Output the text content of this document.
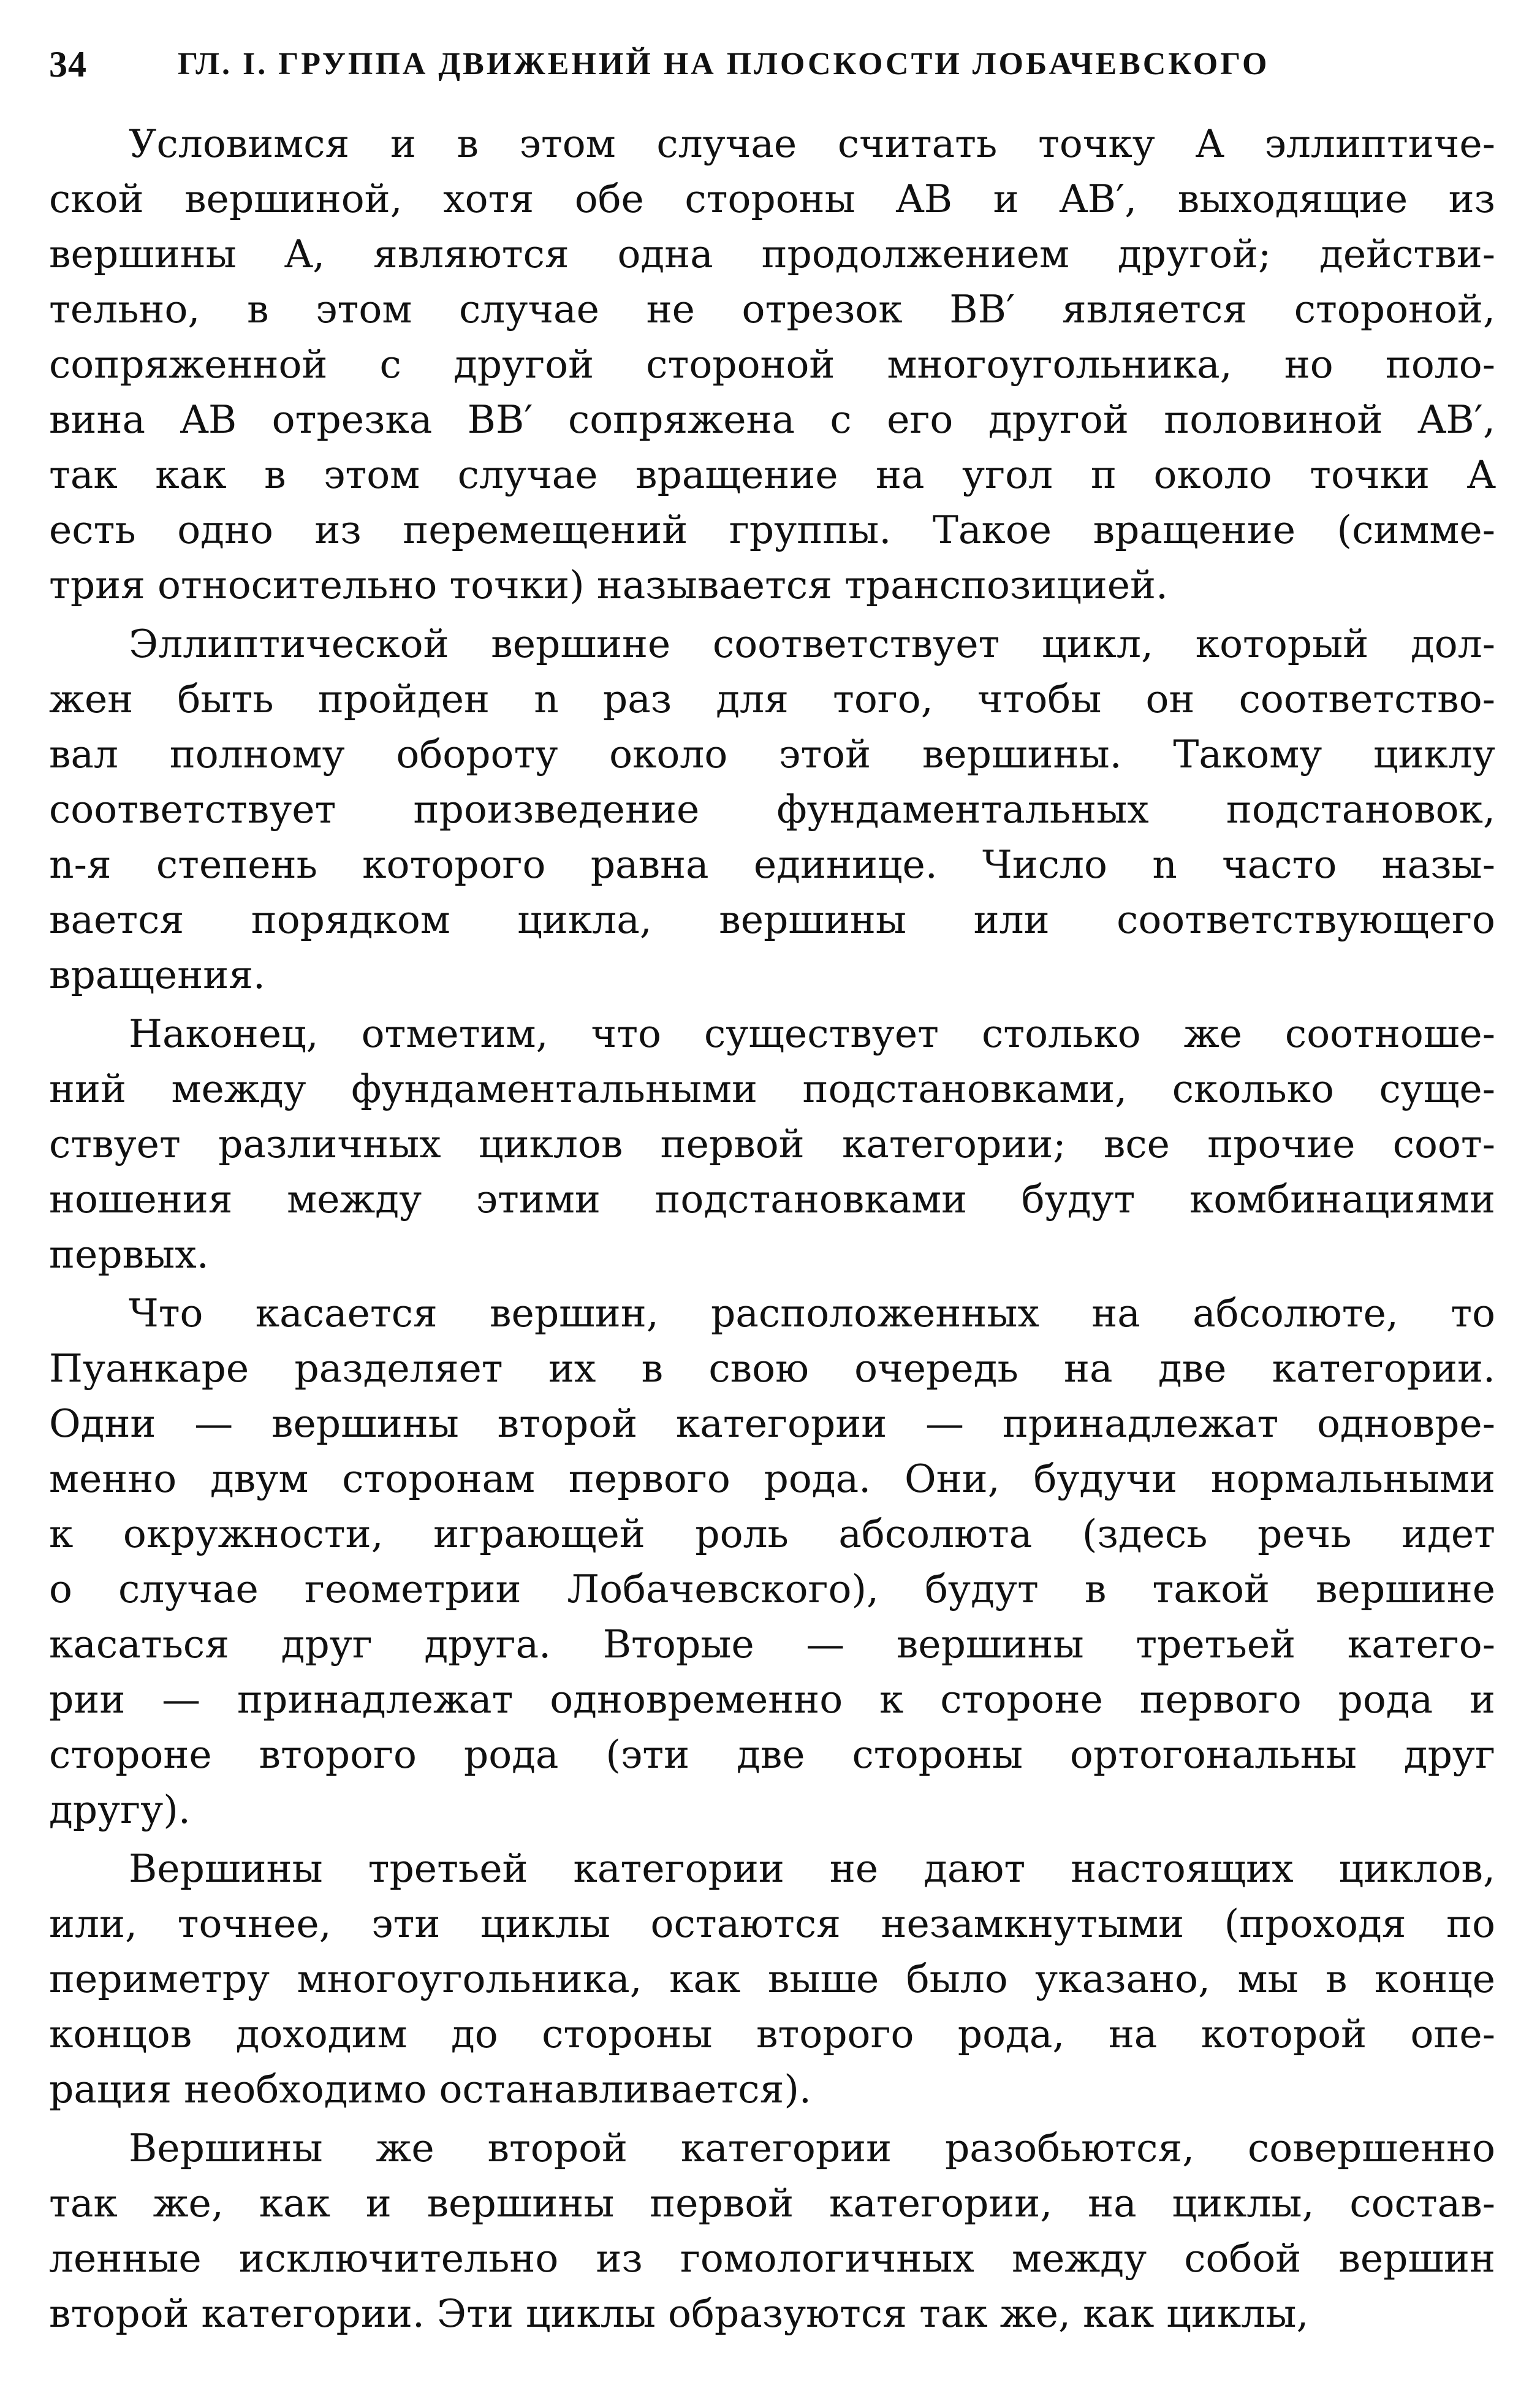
34	ГЛ. I. ГРУППА ДВИЖЕНИЙ НА ПЛОСКОСТИ ЛОБАЧЕВСКОГО
Условимся и в этом случае считать точку A эллиптиче-
ской вершиной, хотя обе стороны AB и AB′, выходящие из
вершины A, являются одна продолжением другой; действи-
тельно, в этом случае не отрезок BB′ является стороной,
сопряженной с другой стороной многоугольника, но поло-
вина AB отрезка BB′ сопряжена с его другой половиной AB′,
так как в этом случае вращение на угол π около точки A
есть одно из перемещений группы. Такое вращение (симме-
трия относительно точки) называется транспозицией.
Эллиптической вершине соответствует цикл, который дол-
жен быть пройден n раз для того, чтобы он соответство-
вал полному обороту около этой вершины. Такому циклу
соответствует произведение фундаментальных подстановок,
n-я степень которого равна единице. Число n часто назы-
вается порядком цикла, вершины или соответствующего
вращения.
Наконец, отметим, что существует столько же соотноше-
ний между фундаментальными подстановками, сколько суще-
ствует различных циклов первой категории; все прочие соот-
ношения между этими подстановками будут комбинациями
первых.
Что касается вершин, расположенных на абсолюте, то
Пуанкаре разделяет их в свою очередь на две категории.
Одни — вершины второй категории — принадлежат одновре-
менно двум сторонам первого рода. Они, будучи нормальными
к окружности, играющей роль абсолюта (здесь речь идет
о случае геометрии Лобачевского), будут в такой вершине
касаться друг друга. Вторые — вершины третьей катего-
рии — принадлежат одновременно к стороне первого рода и
стороне второго рода (эти две стороны ортогональны друг
другу).
Вершины третьей категории не дают настоящих циклов,
или, точнее, эти циклы остаются незамкнутыми (проходя по
периметру многоугольника, как выше было указано, мы в конце
концов доходим до стороны второго рода, на которой опе-
рация необходимо останавливается).
Вершины же второй категории разобьются, совершенно
так же, как и вершины первой категории, на циклы, состав-
ленные исключительно из гомологичных между собой вершин
второй категории. Эти циклы образуются так же, как циклы,
